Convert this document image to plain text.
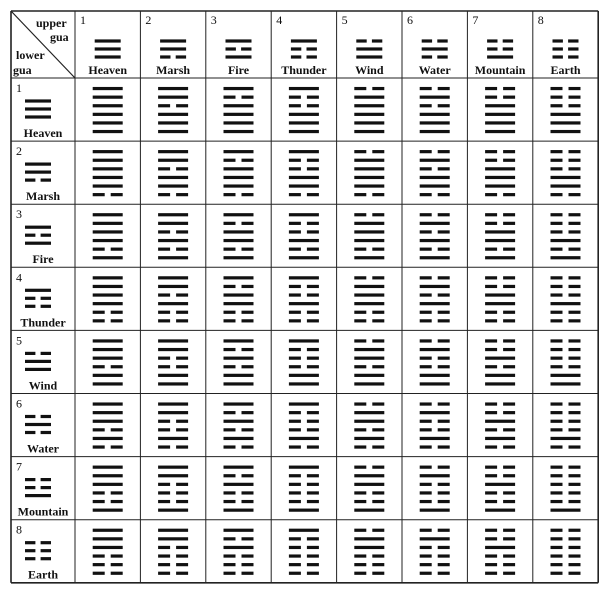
upper
gua
lower
gua
1
Heaven
2
Marsh
3
Fire
4
Thunder
5
Wind
6
Water
7
Mountain
8
Earth
1
Heaven
2
Marsh
3
Fire
4
Thunder
5
Wind
6
Water
7
Mountain
8
Earth
